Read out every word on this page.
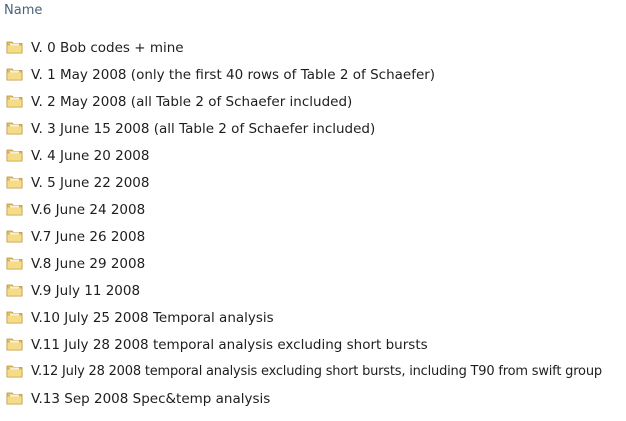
Name
V. 0 Bob codes + mine
V. 1 May 2008 (only the first 40 rows of Table 2 of Schaefer)
V. 2 May 2008 (all Table 2 of Schaefer included)
V. 3 June 15 2008 (all Table 2 of Schaefer included)
V. 4 June 20 2008
V. 5 June 22 2008
V.6 June 24 2008
V.7 June 26 2008
V.8 June 29 2008
V.9 July 11 2008
V.10 July 25 2008 Temporal analysis
V.11 July 28 2008 temporal analysis excluding short bursts
V.12 July 28 2008 temporal analysis excluding short bursts, including T90 from swift group
V.13 Sep 2008 Spec&temp analysis
